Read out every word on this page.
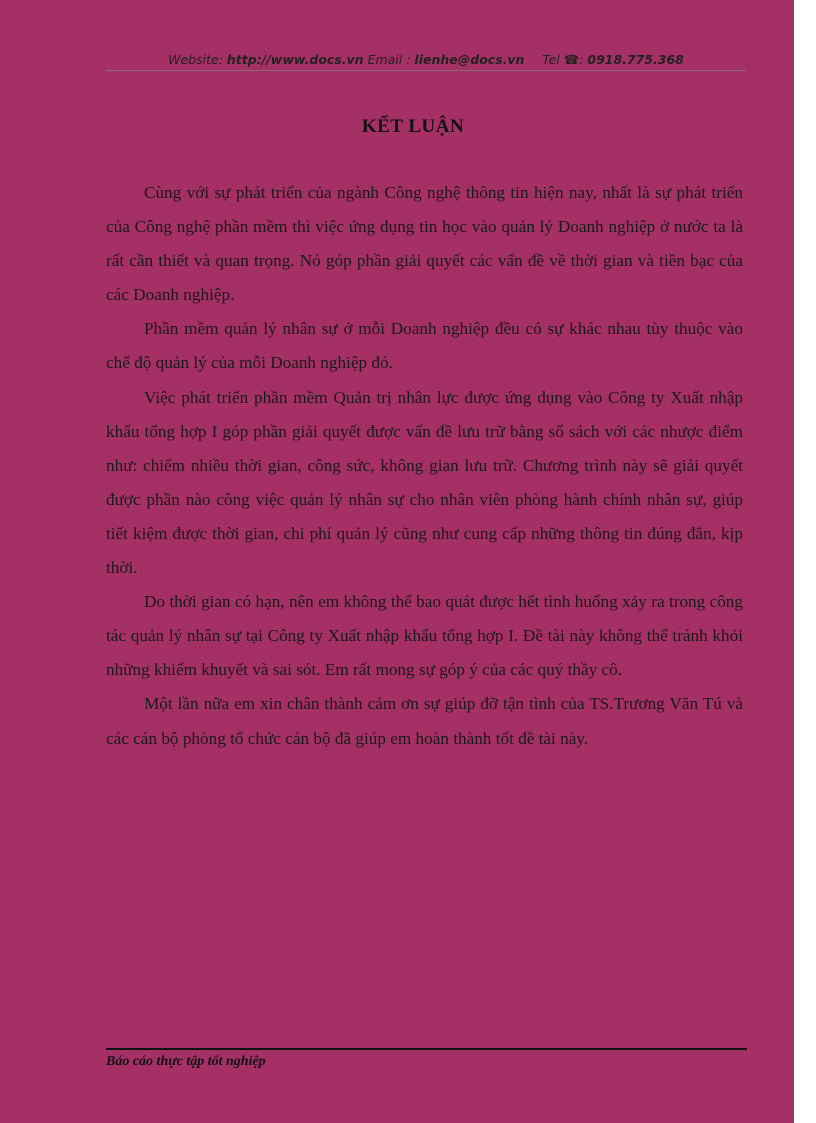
Website: http://www.docs.vn Email : lienhe@docs.vn Tel ☎: 0918.775.368
KẾT LUẬN

Cùng với sự phát triển của ngành Công nghệ thông tin hiện nay, nhất là sự phát triển của Công nghệ phần mềm thì việc ứng dụng tin học vào quản lý Doanh nghiệp ở nước ta là rất cần thiết và quan trọng. Nó góp phần giải quyết các vấn đề về thời gian và tiền bạc của các Doanh nghiệp.

Phần mềm quản lý nhân sự ở mỗi Doanh nghiệp đều có sự khác nhau tùy thuộc vào chế độ quản lý của mỗi Doanh nghiệp đó.

Việc phát triển phần mềm Quản trị nhân lực được ứng dụng vào Công ty Xuất nhập khẩu tổng hợp I góp phần giải quyết được vấn đề lưu trữ bằng sổ sách với các nhược điểm như: chiếm nhiều thời gian, công sức, không gian lưu trữ. Chương trình này sẽ giải quyết được phần nào công việc quản lý nhân sự cho nhân viên phòng hành chính nhân sự, giúp tiết kiệm được thời gian, chi phí quản lý cũng như cung cấp những thông tin đúng đắn, kịp thời.

Do thời gian có hạn, nên em không thể bao quát được hết tình huống xảy ra trong công tác quản lý nhân sự tại Công ty Xuất nhập khẩu tổng hợp I. Đề tài này không thể tránh khỏi những khiếm khuyết và sai sót. Em rất mong sự góp ý của các quý thầy cô.

Một lần nữa em xin chân thành cảm ơn sự giúp đỡ tận tình của TS.Trương Văn Tú và các cán bộ phòng tổ chức cán bộ đã giúp em hoàn thành tốt đề tài này.

Báo cáo thực tập tốt nghiệp
